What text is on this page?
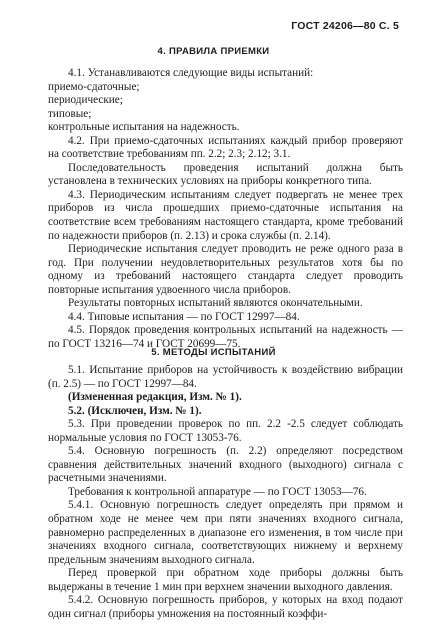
ГОСТ 24206—80 С. 5
4. ПРАВИЛА ПРИЕМКИ

4.1. Устанавливаются следующие виды испытаний:

приемо-сдаточные;

периодические;

типовые;

контрольные испытания на надежность.

4.2. При приемо-сдаточных испытаниях каждый прибор проверяют на соответствие требованиям пп. 2.2; 2.3; 2.12; 3.1.

Последовательность проведения испытаний должна быть установлена в технических условиях на приборы конкретного типа.

4.3. Периодическим испытаниям следует подвергать не менее трех приборов из числа прошедших приемо-сдаточные испытания на соответствие всем требованиям настоящего стандарта, кроме требований по надежности приборов (п. 2.13) и срока службы (п. 2.14).

Периодические испытания следует проводить не реже одного раза в год. При получении неудовлетворительных результатов хотя бы по одному из требований настоящего стандарта следует проводить повторные испытания удвоенного числа приборов.

Результаты повторных испытаний являются окончательными.

4.4. Типовые испытания — по ГОСТ 12997—84.

4.5. Порядок проведения контрольных испытаний на надежность — по ГОСТ 13216—74 и ГОСТ 20699—75.

5. МЕТОДЫ ИСПЫТАНИЙ

5.1. Испытание приборов на устойчивость к воздействию вибрации (п. 2.5) — по ГОСТ 12997—84.

(Измененная редакция, Изм. № 1).

5.2. (Исключен, Изм. № 1).

5.3. При проведении проверок по пп. 2.2 -2.5 следует соблюдать нормальные условия по ГОСТ 13053-76.

5.4. Основную погрешность (п. 2.2) определяют посредством сравнения действительных значений входного (выходного) сигнала с расчетными значениями.

Требования к контрольной аппаратуре — по ГОСТ 13053—76.

5.4.1. Основную погрешность следует определять при прямом и обратном ходе не менее чем при пяти значениях входного сигнала, равномерно распределенных в диапазоне его изменения, в том числе при значениях входного сигнала, соответствующих нижнему и верхнему предельным значениям выходного сигнала.

Перед проверкой при обратном ходе приборы должны быть выдержаны в течение 1 мин при верхнем значении выходного давления.

5.4.2. Основную погрешность приборов, у которых на вход подают один сигнал (приборы умножения на постоянный коэффи-
